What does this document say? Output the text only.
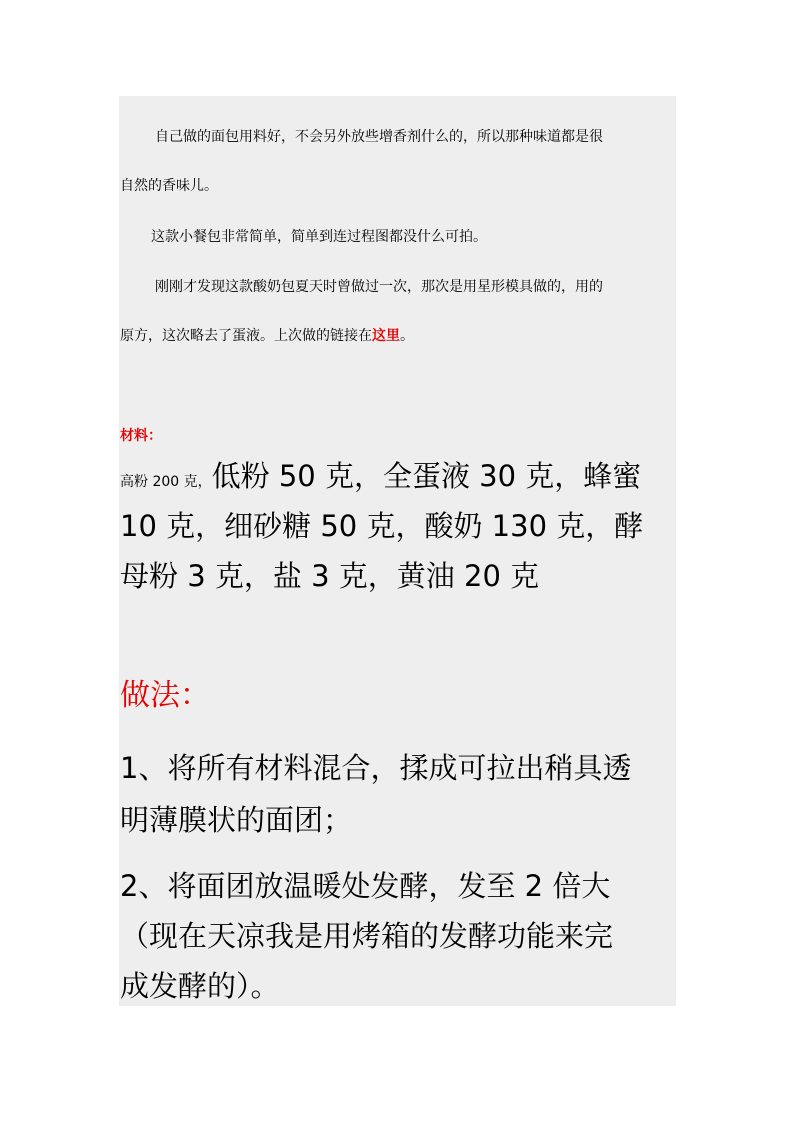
自己做的面包用料好，不会另外放些增香剂什么的，所以那种味道都是很
自然的香味儿。
这款小餐包非常简单，简单到连过程图都没什么可拍。
刚刚才发现这款酸奶包夏天时曾做过一次，那次是用星形模具做的，用的
原方，这次略去了蛋液。上次做的链接在这里。
材料：
高粉 200 克，低粉 50 克，全蛋液 30 克，蜂蜜
10 克，细砂糖 50 克，酸奶 130 克，酵
母粉 3 克，盐 3 克，黄油 20 克
做法：
1、将所有材料混合，揉成可拉出稍具透
明薄膜状的面团；
2、将面团放温暖处发酵，发至 2 倍大
（现在天凉我是用烤箱的发酵功能来完
成发酵的）。
